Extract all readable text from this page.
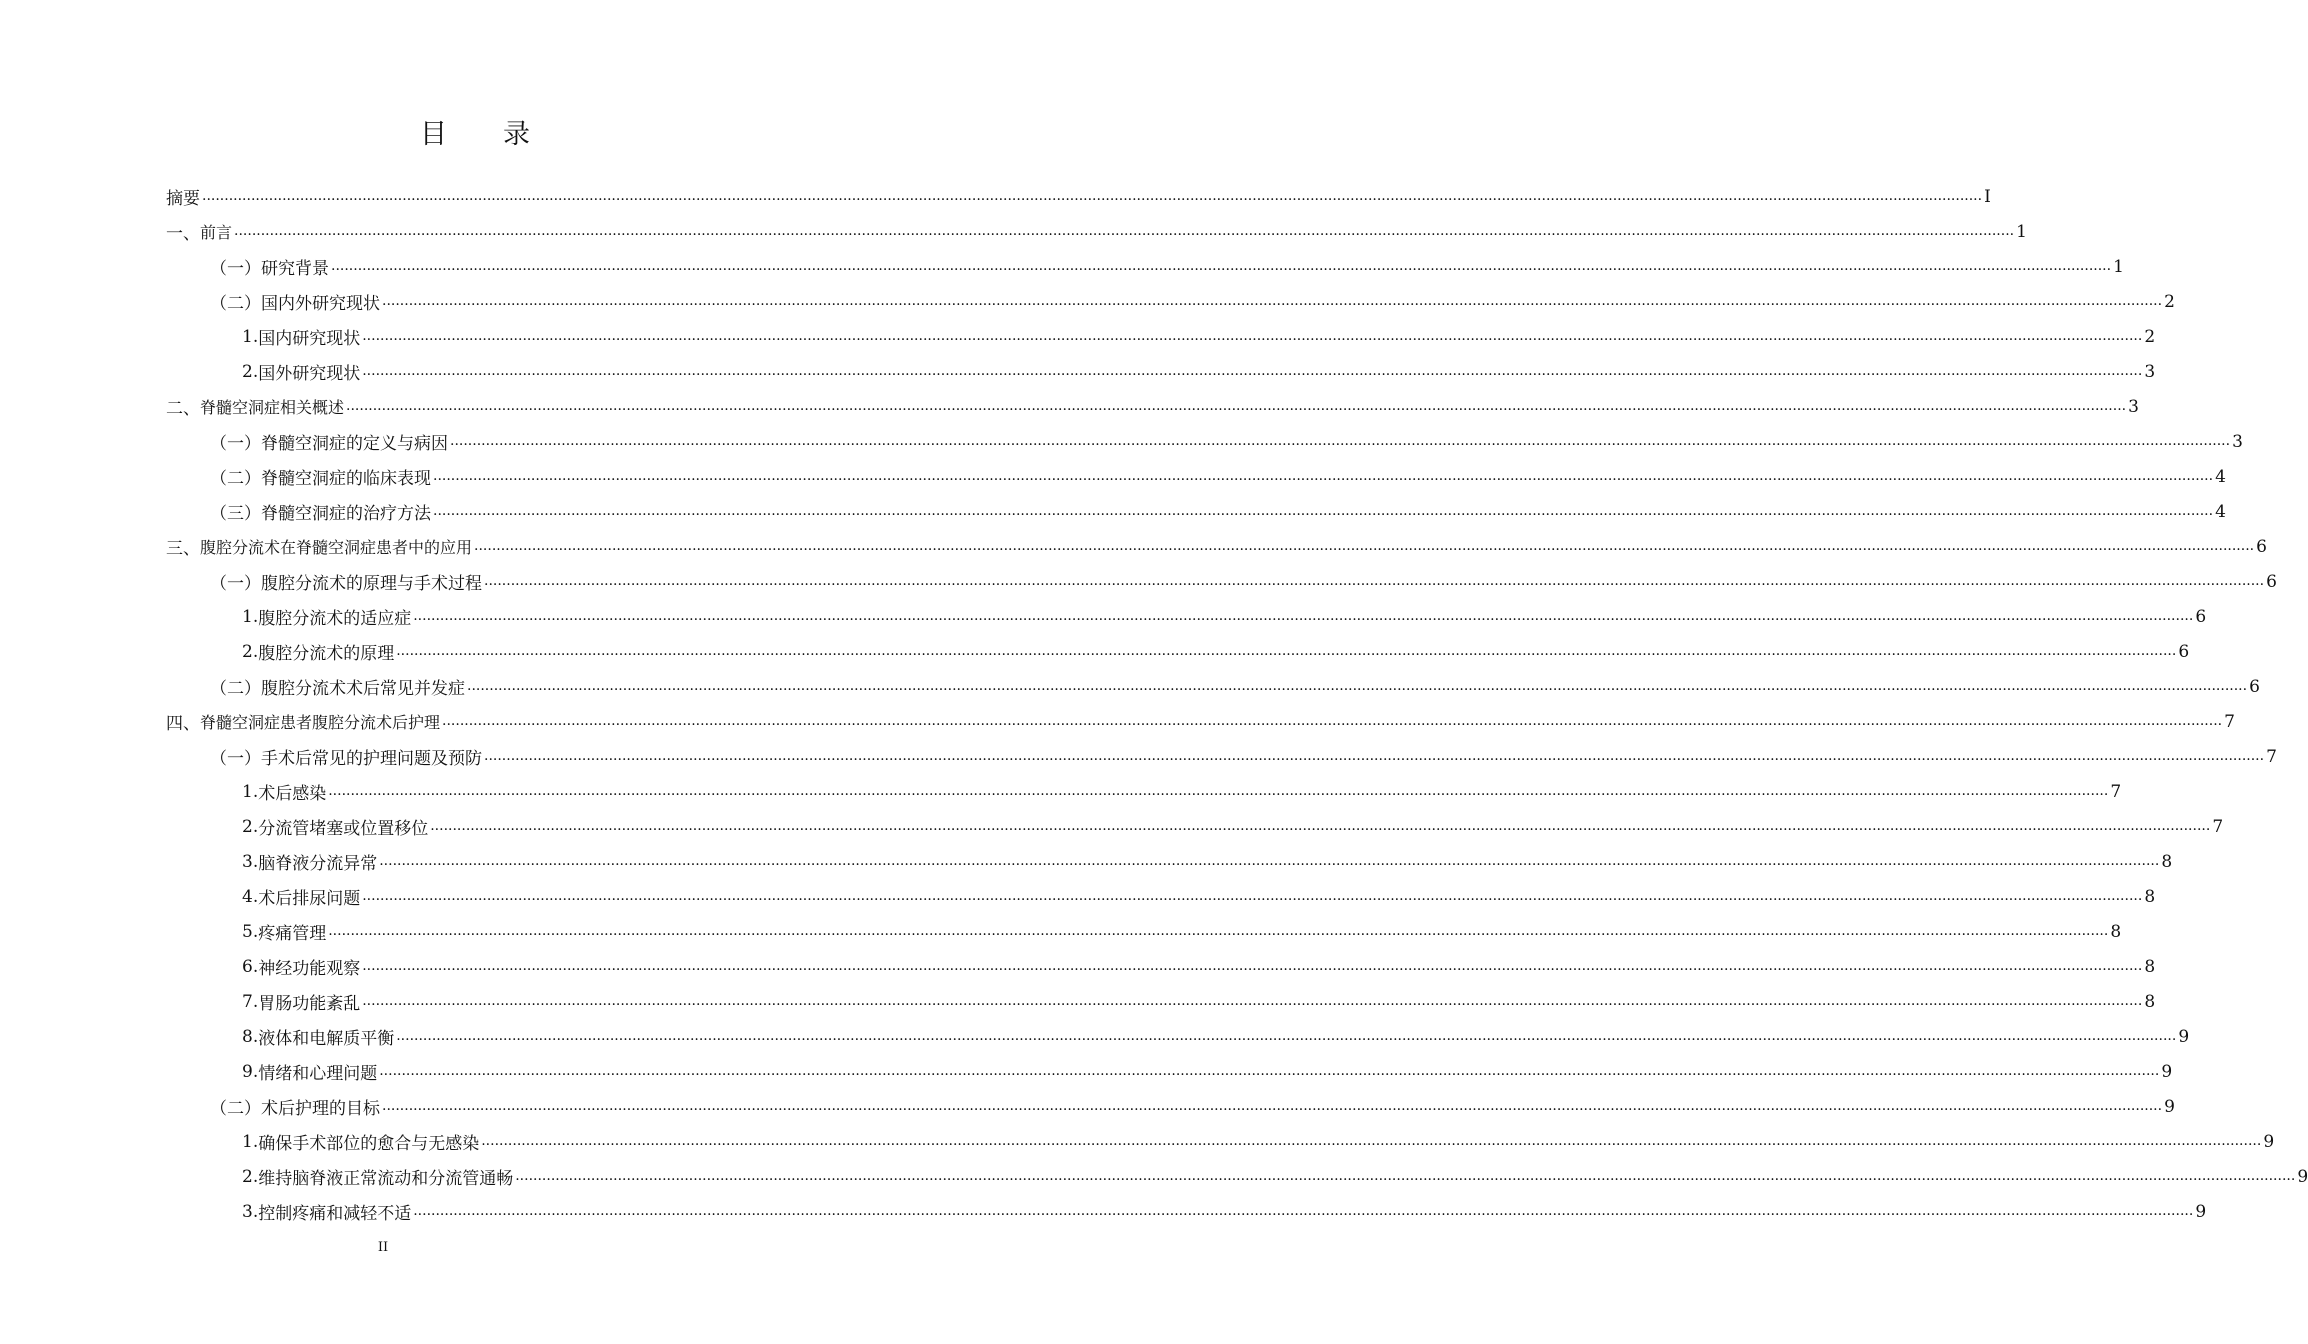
目录
摘 要 ................................................................................................................................................................................................................................................................................................................................................................................................................ I
一、 前言 ................................................................................................................................................................................................................................................................................................................................................................................................................ 1
（一） 研究背景 ................................................................................................................................................................................................................................................................................................................................................................................................................ 1
（二） 国内外研究现状 ................................................................................................................................................................................................................................................................................................................................................................................................................ 2
1. 国内研究现状 ................................................................................................................................................................................................................................................................................................................................................................................................................ 2
2. 国外研究现状 ................................................................................................................................................................................................................................................................................................................................................................................................................ 3
二、 脊髓空洞症相关概述 ................................................................................................................................................................................................................................................................................................................................................................................................................ 3
（一） 脊髓空洞症的定义与病因 ................................................................................................................................................................................................................................................................................................................................................................................................................ 3
（二） 脊髓空洞症的临床表现 ................................................................................................................................................................................................................................................................................................................................................................................................................ 4
（三） 脊髓空洞症的治疗方法 ................................................................................................................................................................................................................................................................................................................................................................................................................ 4
三、 腹腔分流术在脊髓空洞症患者中的应用 ................................................................................................................................................................................................................................................................................................................................................................................................................ 6
（一） 腹腔分流术的原理与手术过程 ................................................................................................................................................................................................................................................................................................................................................................................................................ 6
1. 腹腔分流术的适应症 ................................................................................................................................................................................................................................................................................................................................................................................................................ 6
2. 腹腔分流术的原理 ................................................................................................................................................................................................................................................................................................................................................................................................................ 6
（二） 腹腔分流术术后常见并发症 ................................................................................................................................................................................................................................................................................................................................................................................................................ 6
四、 脊髓空洞症患者腹腔分流术后护理 ................................................................................................................................................................................................................................................................................................................................................................................................................ 7
（一） 手术后常见的护理问题及预防 ................................................................................................................................................................................................................................................................................................................................................................................................................ 7
1. 术后感染 ................................................................................................................................................................................................................................................................................................................................................................................................................ 7
2. 分流管堵塞或位置移位 ................................................................................................................................................................................................................................................................................................................................................................................................................ 7
3. 脑脊液分流异常 ................................................................................................................................................................................................................................................................................................................................................................................................................ 8
4. 术后排尿问题 ................................................................................................................................................................................................................................................................................................................................................................................................................ 8
5. 疼痛管理 ................................................................................................................................................................................................................................................................................................................................................................................................................ 8
6. 神经功能观察 ................................................................................................................................................................................................................................................................................................................................................................................................................ 8
7. 胃肠功能紊乱 ................................................................................................................................................................................................................................................................................................................................................................................................................ 8
8. 液体和电解质平衡 ................................................................................................................................................................................................................................................................................................................................................................................................................ 9
9. 情绪和心理问题 ................................................................................................................................................................................................................................................................................................................................................................................................................ 9
（二） 术后护理的目标 ................................................................................................................................................................................................................................................................................................................................................................................................................ 9
1. 确保手术部位的愈合与无感染 ................................................................................................................................................................................................................................................................................................................................................................................................................ 9
2. 维持脑脊液正常流动和分流管通畅 ................................................................................................................................................................................................................................................................................................................................................................................................................ 9
3. 控制疼痛和减轻不适 ................................................................................................................................................................................................................................................................................................................................................................................................................ 9
II
